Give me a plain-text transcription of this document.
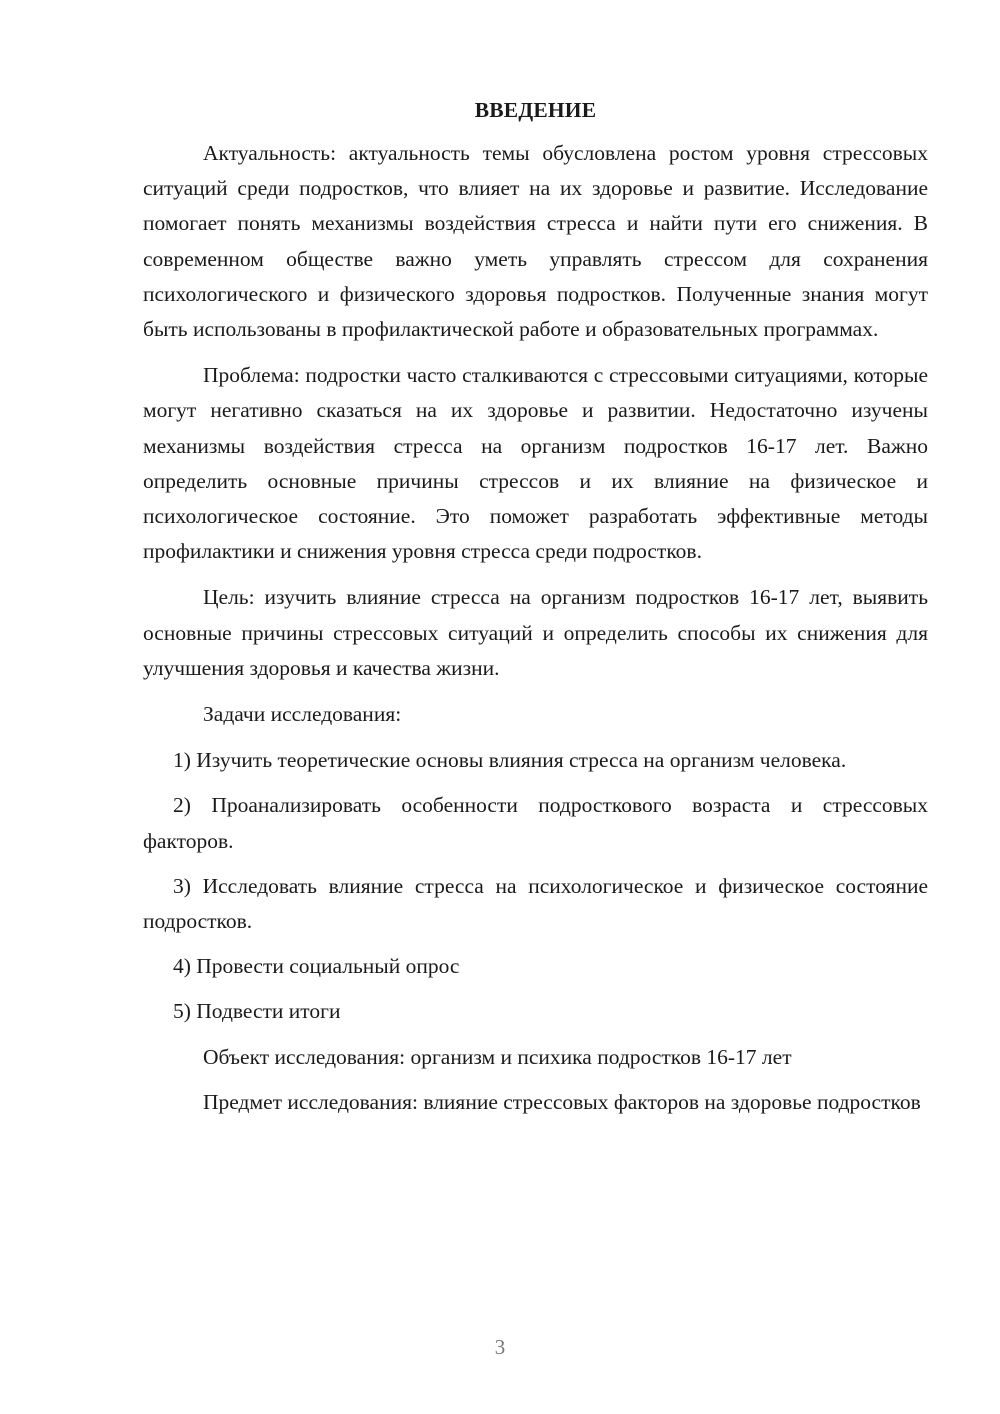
ВВЕДЕНИЕ

Актуальность: актуальность темы обусловлена ростом уровня стрессовых ситуаций среди подростков, что влияет на их здоровье и развитие. Исследование помогает понять механизмы воздействия стресса и найти пути его снижения. В современном обществе важно уметь управлять стрессом для сохранения психологического и физического здоровья подростков. Полученные знания могут быть использованы в профилактической работе и образовательных программах.

Проблема: подростки часто сталкиваются с стрессовыми ситуациями, которые могут негативно сказаться на их здоровье и развитии. Недостаточно изучены механизмы воздействия стресса на организм подростков 16-17 лет. Важно определить основные причины стрессов и их влияние на физическое и психологическое состояние. Это поможет разработать эффективные методы профилактики и снижения уровня стресса среди подростков.

Цель: изучить влияние стресса на организм подростков 16-17 лет, выявить основные причины стрессовых ситуаций и определить способы их снижения для улучшения здоровья и качества жизни.

Задачи исследования:

1) Изучить теоретические основы влияния стресса на организм человека.

2) Проанализировать особенности подросткового возраста и стрессовых факторов.

3) Исследовать влияние стресса на психологическое и физическое состояние подростков.

4) Провести социальный опрос

5) Подвести итоги

Объект исследования: организм и психика подростков 16-17 лет

Предмет исследования: влияние стрессовых факторов на здоровье подростков

3
